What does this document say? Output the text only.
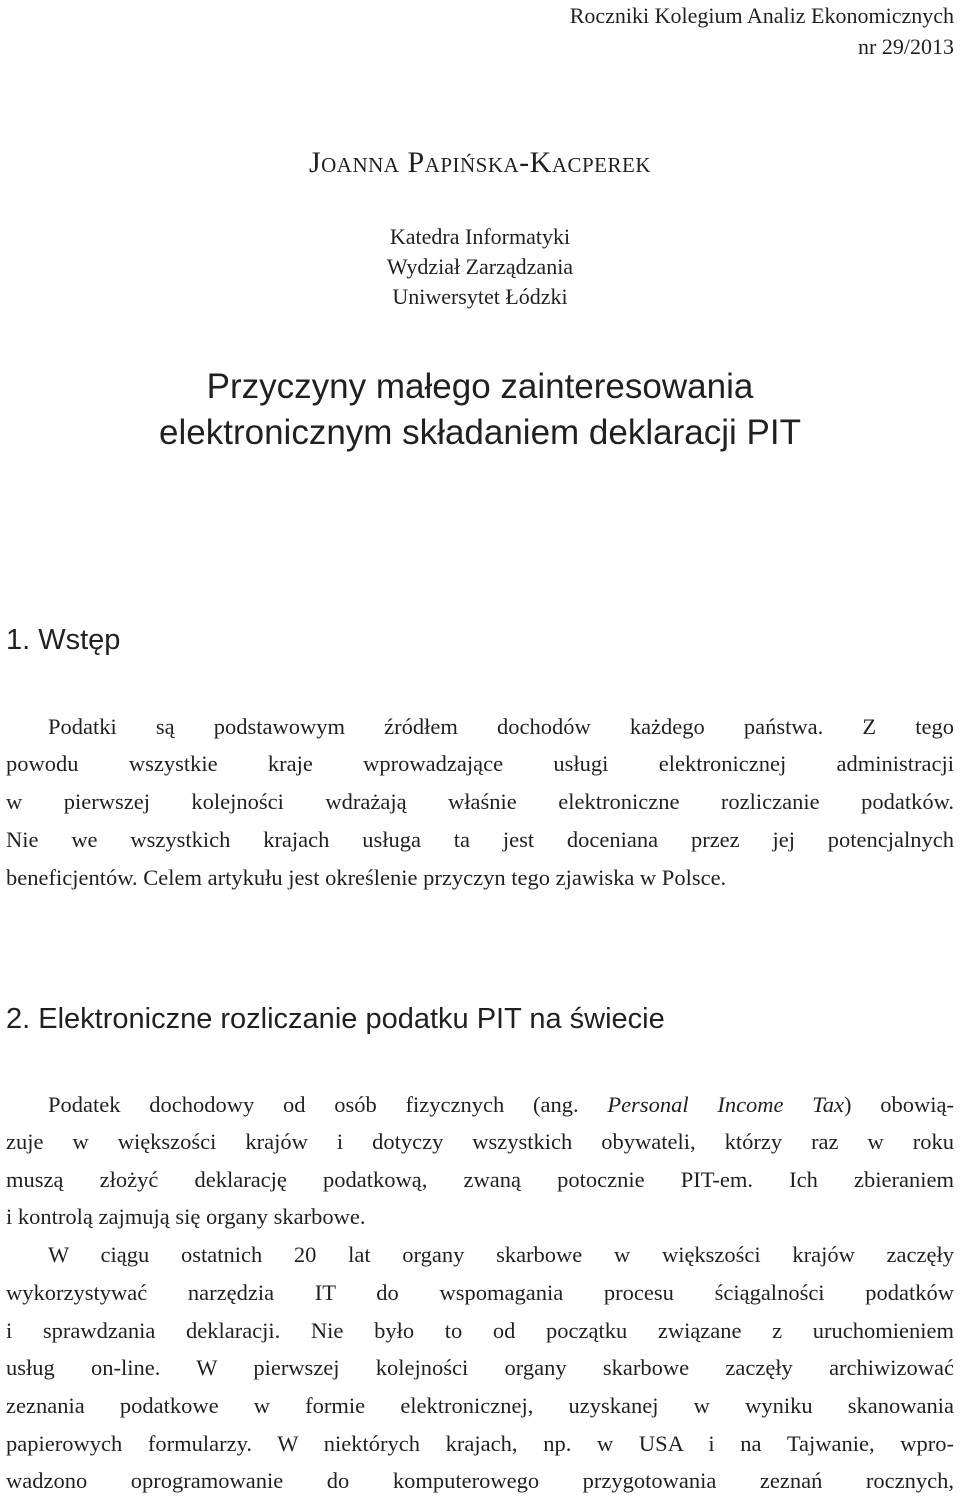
Roczniki Kolegium Analiz Ekonomicznych
nr 29/2013
Joanna Papińska-Kacperek
Katedra Informatyki
Wydział Zarządzania
Uniwersytet Łódzki
Przyczyny małego zainteresowania
elektronicznym składaniem deklaracji PIT
1. Wstęp
Podatki są podstawowym źródłem dochodów każdego państwa. Z tego
powodu wszystkie kraje wprowadzające usługi elektronicznej administracji
w pierwszej kolejności wdrażają właśnie elektroniczne rozliczanie podatków.
Nie we wszystkich krajach usługa ta jest doceniana przez jej potencjalnych
beneficjentów. Celem artykułu jest określenie przyczyn tego zjawiska w Polsce.
2. Elektroniczne rozliczanie podatku PIT na świecie
Podatek dochodowy od osób fizycznych (ang. Personal Income Tax) obowią-
zuje w większości krajów i dotyczy wszystkich obywateli, którzy raz w roku
muszą złożyć deklarację podatkową, zwaną potocznie PIT-em. Ich zbieraniem
i kontrolą zajmują się organy skarbowe.
W ciągu ostatnich 20 lat organy skarbowe w większości krajów zaczęły
wykorzystywać narzędzia IT do wspomagania procesu ściągalności podatków
i sprawdzania deklaracji. Nie było to od początku związane z uruchomieniem
usług on-line. W pierwszej kolejności organy skarbowe zaczęły archiwizować
zeznania podatkowe w formie elektronicznej, uzyskanej w wyniku skanowania
papierowych formularzy. W niektórych krajach, np. w USA i na Tajwanie, wpro-
wadzono oprogramowanie do komputerowego przygotowania zeznań rocznych,
